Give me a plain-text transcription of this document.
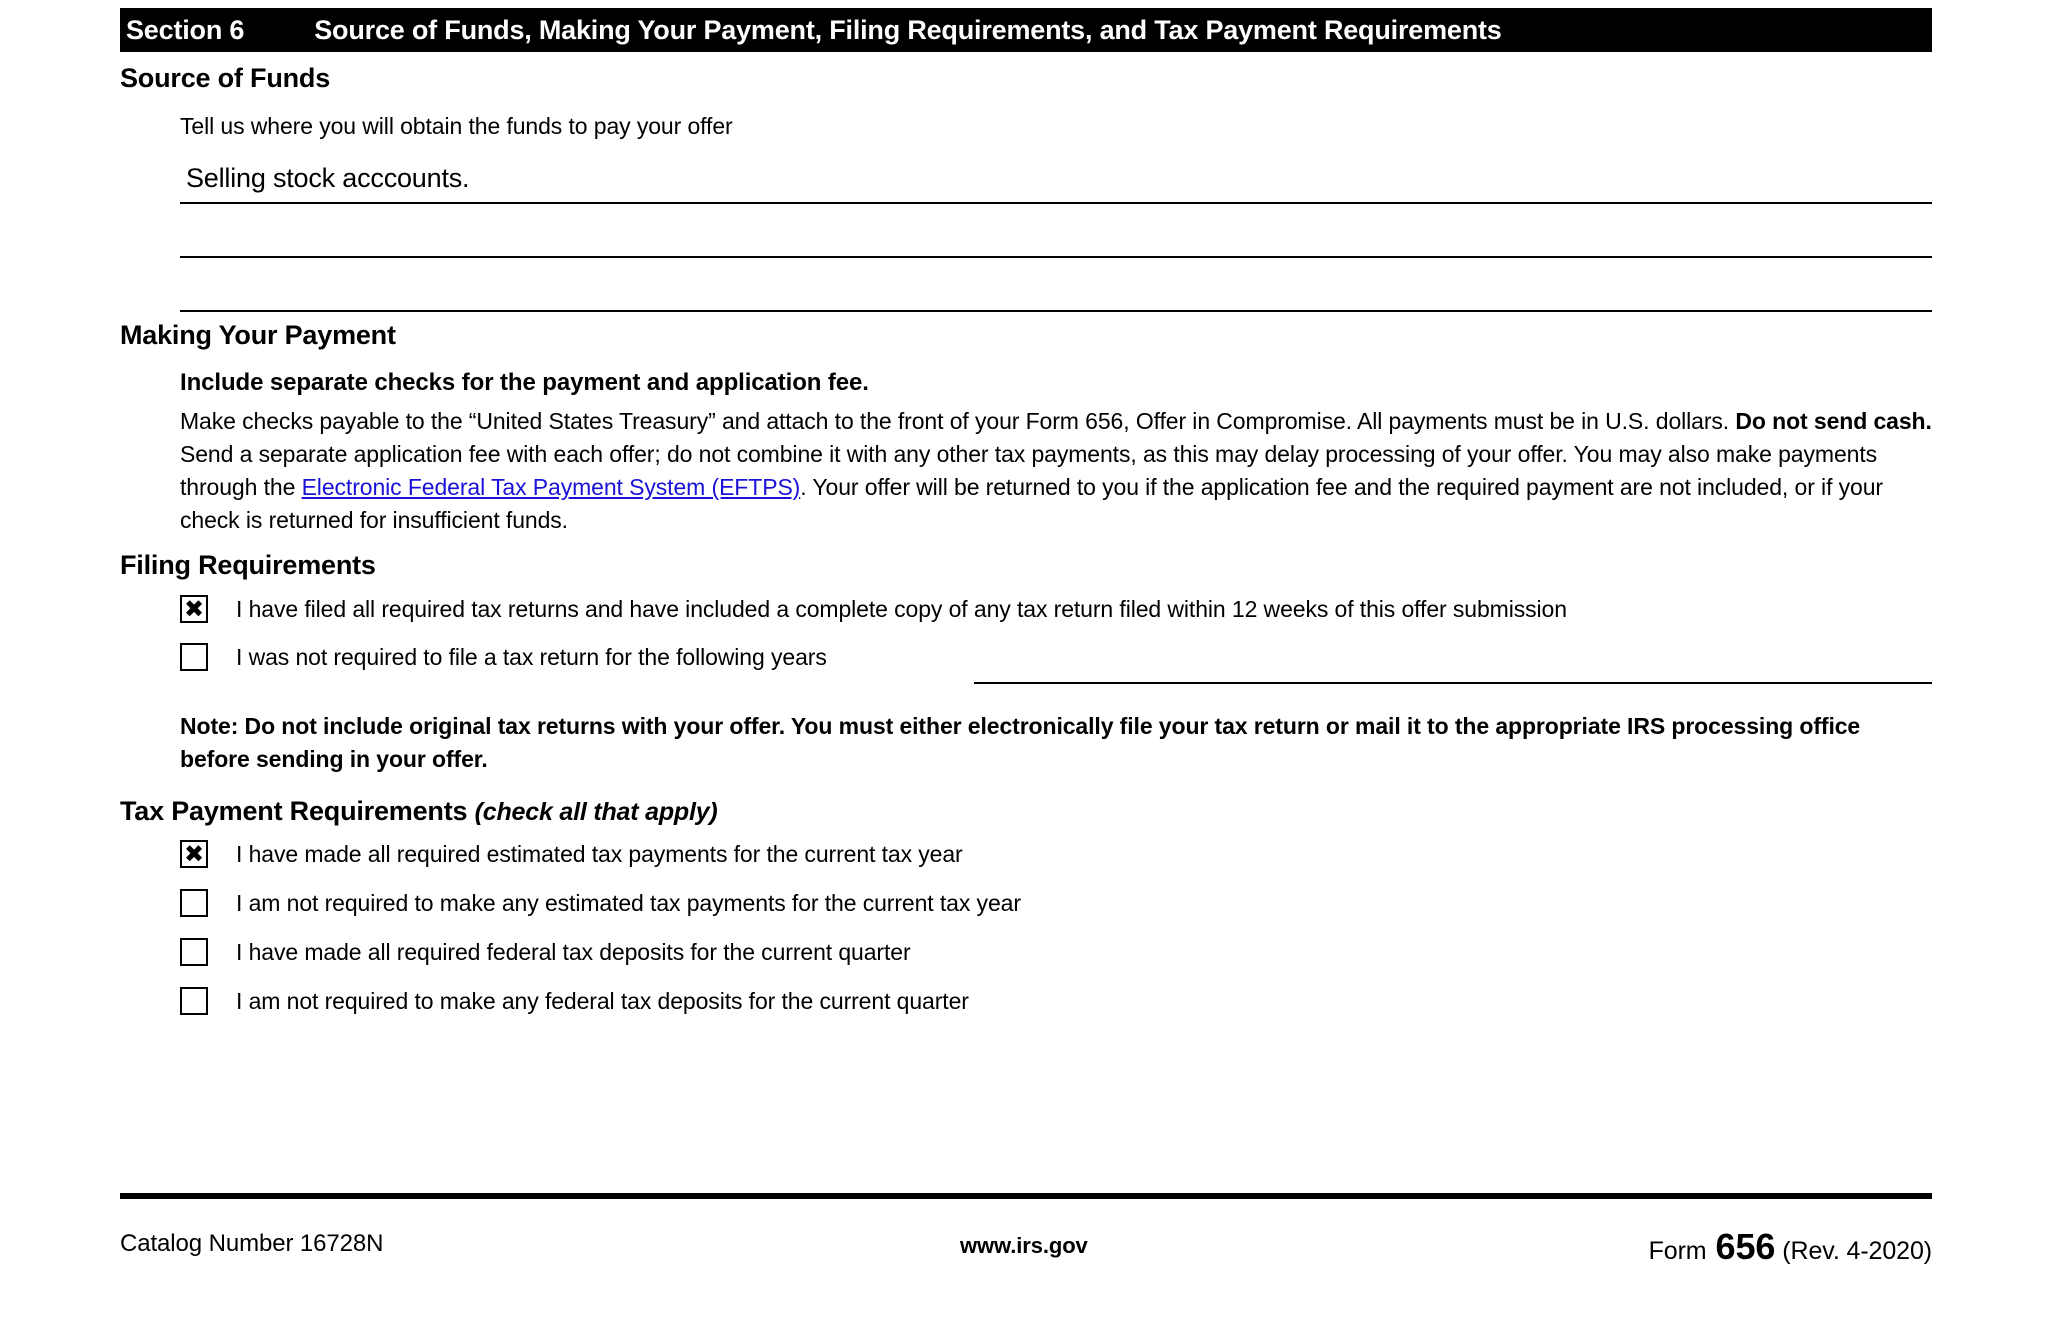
Section 6	Source of Funds, Making Your Payment, Filing Requirements, and Tax Payment Requirements
Source of Funds
Tell us where you will obtain the funds to pay your offer
Selling stock acccounts.
Making Your Payment
Include separate checks for the payment and application fee.
Make checks payable to the “United States Treasury” and attach to the front of your Form 656, Offer in Compromise. All payments must be in U.S. dollars. Do not send cash. Send a separate application fee with each offer; do not combine it with any other tax payments, as this may delay processing of your offer. You may also make payments through the Electronic Federal Tax Payment System (EFTPS). Your offer will be returned to you if the application fee and the required payment are not included, or if your check is returned for insufficient funds.
Filing Requirements
✖ I have filed all required tax returns and have included a complete copy of any tax return filed within 12 weeks of this offer submission
I was not required to file a tax return for the following years
Note: Do not include original tax returns with your offer. You must either electronically file your tax return or mail it to the appropriate IRS processing office before sending in your offer.
Tax Payment Requirements (check all that apply)
✖ I have made all required estimated tax payments for the current tax year
I am not required to make any estimated tax payments for the current tax year
I have made all required federal tax deposits for the current quarter
I am not required to make any federal tax deposits for the current quarter
Catalog Number 16728N	www.irs.gov	Form 656 (Rev. 4-2020)
